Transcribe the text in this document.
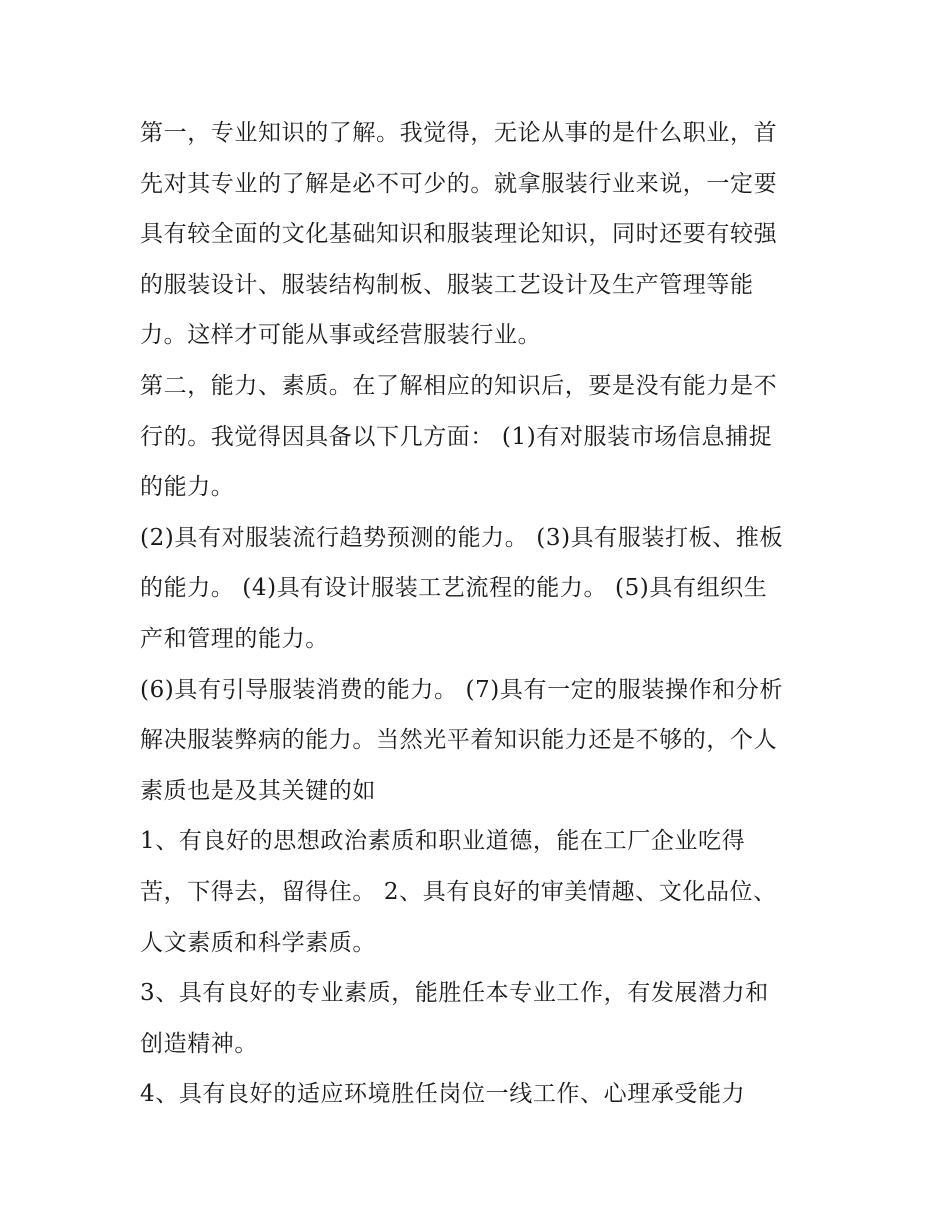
第一，专业知识的了解。我觉得，无论从事的是什么职业，首
先对其专业的了解是必不可少的。就拿服装行业来说，一定要
具有较全面的文化基础知识和服装理论知识，同时还要有较强
的服装设计、服装结构制板、服装工艺设计及生产管理等能
力。这样才可能从事或经营服装行业。
第二，能力、素质。在了解相应的知识后，要是没有能力是不
行的。我觉得因具备以下几方面： (1)有对服装市场信息捕捉
的能力。
(2)具有对服装流行趋势预测的能力。 (3)具有服装打板、推板
的能力。 (4)具有设计服装工艺流程的能力。 (5)具有组织生
产和管理的能力。
(6)具有引导服装消费的能力。 (7)具有一定的服装操作和分析
解决服装弊病的能力。当然光平着知识能力还是不够的，个人
素质也是及其关键的如
1、有良好的思想政治素质和职业道德，能在工厂企业吃得
苦，下得去，留得住。 2、具有良好的审美情趣、文化品位、
人文素质和科学素质。
3、具有良好的专业素质，能胜任本专业工作，有发展潜力和
创造精神。
4、具有良好的适应环境胜任岗位一线工作、心理承受能力
